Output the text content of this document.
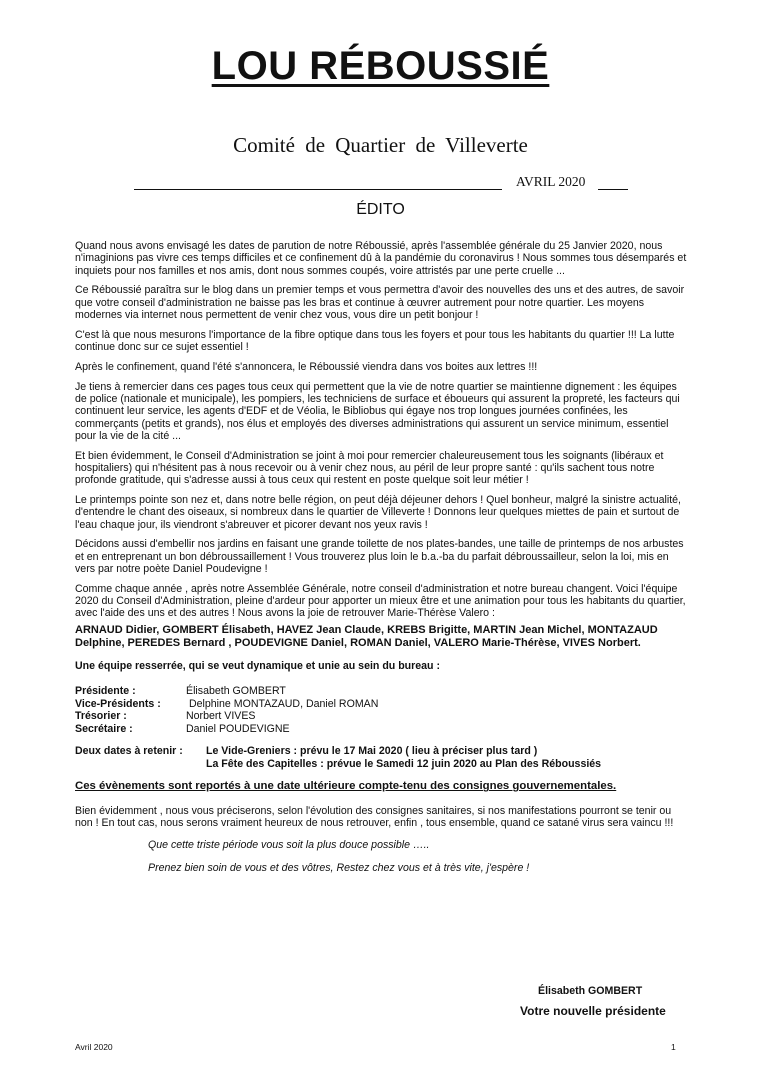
LOU RÉBOUSSIÉ
Comité de Quartier de Villeverte
AVRIL 2020
ÉDITO

Quand nous avons envisagé les dates de parution de notre Réboussié, après l'assemblée générale du 25 Janvier 2020, nous n'imaginions pas vivre ces temps difficiles et ce confinement dû à la pandémie du coronavirus ! Nous sommes tous désemparés et inquiets pour nos familles et nos amis, dont nous sommes coupés, voire attristés par une perte cruelle ...

Ce Réboussié paraîtra sur le blog dans un premier temps et vous permettra d'avoir des nouvelles des uns et des autres, de savoir que votre conseil d'administration ne baisse pas les bras et continue à œuvrer autrement pour notre quartier. Les moyens modernes via internet nous permettent de venir chez vous, vous dire un petit bonjour !

C'est là que nous mesurons l'importance de la fibre optique dans tous les foyers et pour tous les habitants du quartier !!! La lutte continue donc sur ce sujet essentiel !

Après le confinement, quand l'été s'annoncera, le Réboussié viendra dans vos boites aux lettres !!!

Je tiens à remercier dans ces pages tous ceux qui permettent que la vie de notre quartier se maintienne dignement : les équipes de police (nationale et municipale), les pompiers, les techniciens de surface et éboueurs qui assurent la propreté, les facteurs qui continuent leur service, les agents d'EDF et de Véolia, le Bibliobus qui égaye nos trop longues journées confinées, les commerçants (petits et grands), nos élus et employés des diverses administrations qui assurent un service minimum, essentiel pour la vie de la cité ...

Et bien évidemment, le Conseil d'Administration se joint à moi pour remercier chaleureusement tous les soignants (libéraux et hospitaliers) qui n'hésitent pas à nous recevoir ou à venir chez nous, au péril de leur propre santé : qu'ils sachent tous notre profonde gratitude, qui s'adresse aussi à tous ceux qui restent en poste quelque soit leur métier !

Le printemps pointe son nez et, dans notre belle région, on peut déjà déjeuner dehors ! Quel bonheur, malgré la sinistre actualité, d'entendre le chant des oiseaux, si nombreux dans le quartier de Villeverte ! Donnons leur quelques miettes de pain et surtout de l'eau chaque jour, ils viendront s'abreuver et picorer devant nos yeux ravis !

Décidons aussi d'embellir nos jardins en faisant une grande toilette de nos plates-bandes, une taille de printemps de nos arbustes et en entreprenant un bon débroussaillement ! Vous trouverez plus loin le b.a.-ba du parfait débroussailleur, selon la loi, mis en vers par notre poète Daniel Poudevigne !

Comme chaque année , après notre Assemblée Générale, notre conseil d'administration et notre bureau changent. Voici l'équipe 2020 du Conseil d'Administration, pleine d'ardeur pour apporter un mieux être et une animation pour tous les habitants du quartier, avec l'aide des uns et des autres ! Nous avons la joie de retrouver Marie-Thérèse Valero :

ARNAUD Didier, GOMBERT Élisabeth, HAVEZ Jean Claude, KREBS Brigitte, MARTIN Jean Michel, MONTAZAUD Delphine, PEREDES Bernard , POUDEVIGNE Daniel, ROMAN Daniel, VALERO Marie-Thérèse, VIVES Norbert.

Une équipe resserrée, qui se veut dynamique et unie au sein du bureau :

Présidente :	Élisabeth GOMBERT
Vice-Présidents :	Delphine MONTAZAUD, Daniel ROMAN
Trésorier :	Norbert VIVES
Secrétaire :	Daniel POUDEVIGNE
Deux dates à retenir : Le Vide-Greniers : prévu le 17 Mai 2020 ( lieu à préciser plus tard )
La Fête des Capitelles : prévue le Samedi 12 juin 2020 au Plan des Réboussiés
Ces évènements sont reportés à une date ultérieure compte-tenu des consignes gouvernementales.

Bien évidemment , nous vous préciserons, selon l'évolution des consignes sanitaires, si nos manifestations pourront se tenir ou non ! En tout cas, nous serons vraiment heureux de nous retrouver, enfin , tous ensemble, quand ce satané virus sera vaincu !!!

Que cette triste période vous soit la plus douce possible …..

Prenez bien soin de vous et des vôtres, Restez chez vous et à très vite, j'espère !

Élisabeth GOMBERT
Votre nouvelle présidente
Avril 2020	1
